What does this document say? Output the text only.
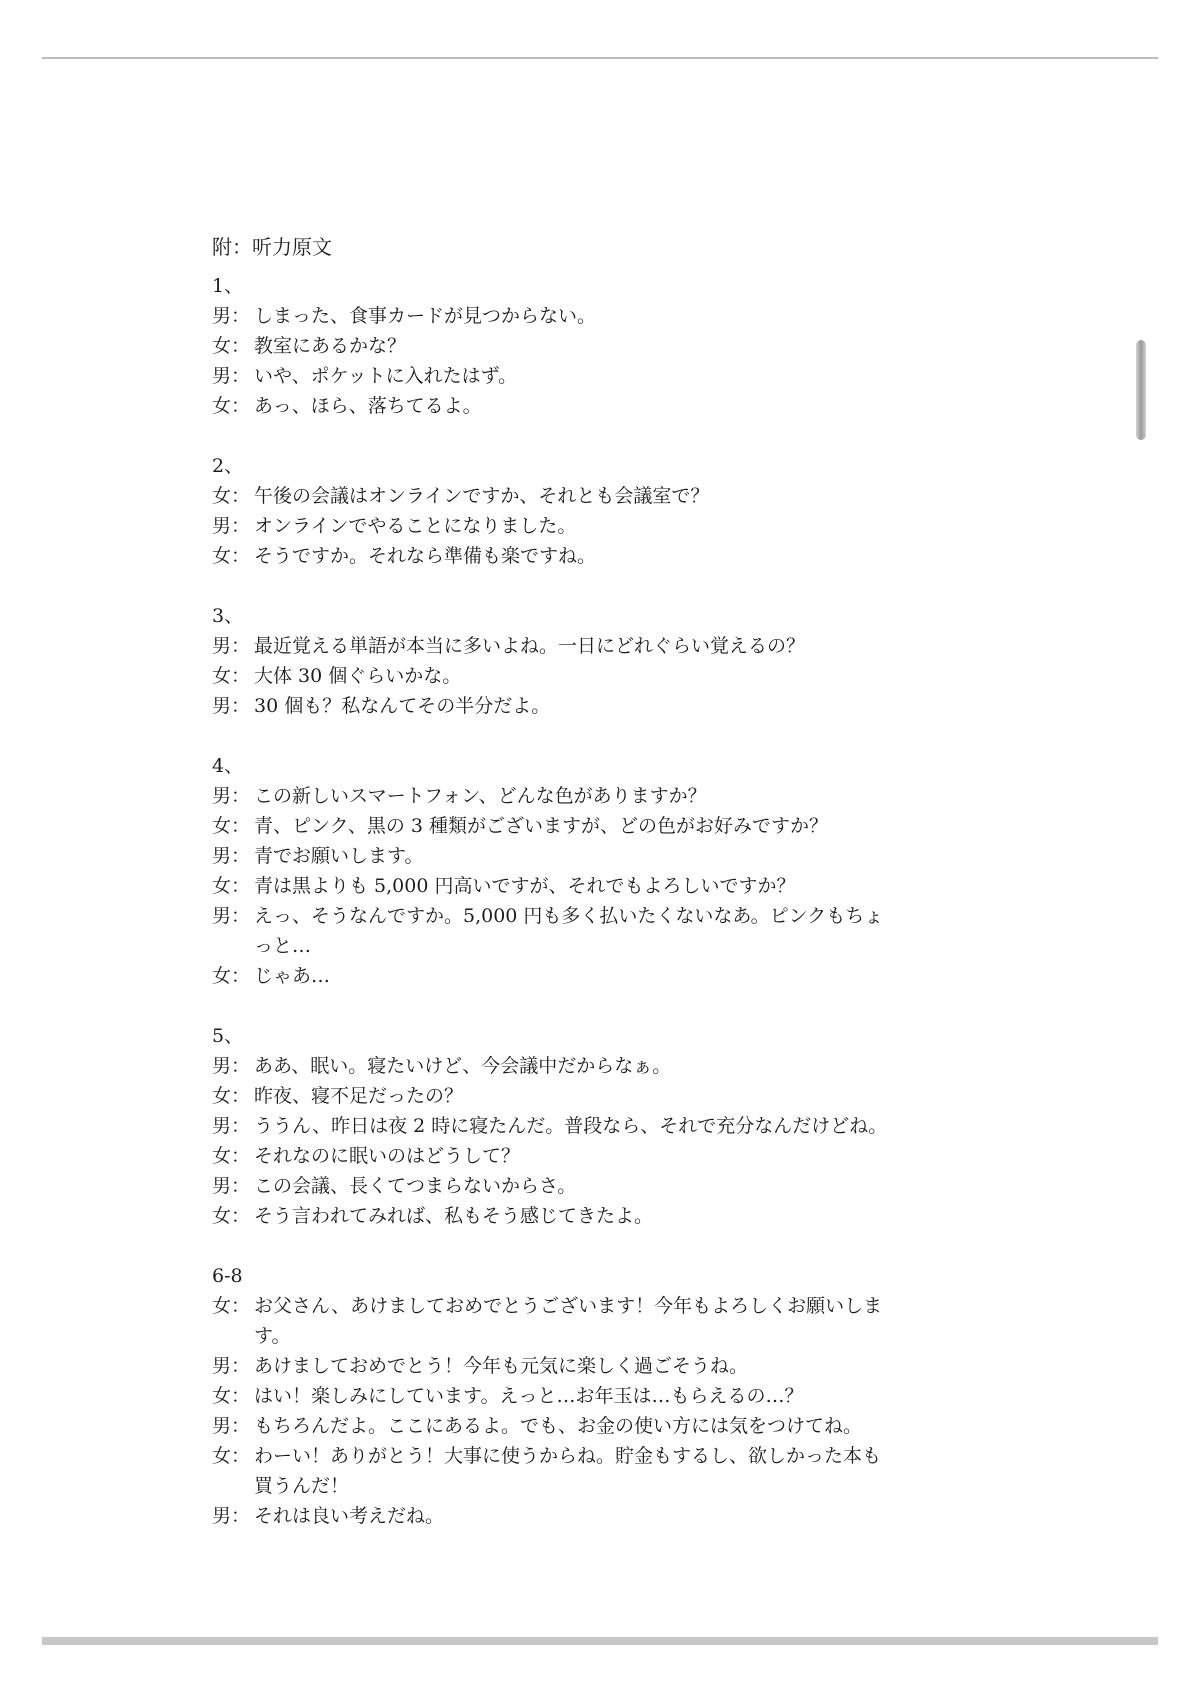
附：听力原文
1、
男： しまった、食事カードが見つからない。
女： 教室にあるかな？
男： いや、ポケットに入れたはず。
女： あっ、ほら、落ちてるよ。
2、
女： 午後の会議はオンラインですか、それとも会議室で？
男： オンラインでやることになりました。
女： そうですか。それなら準備も楽ですね。
3、
男： 最近覚える単語が本当に多いよね。一日にどれぐらい覚えるの？
女： 大体 30 個ぐらいかな。
男： 30 個も？私なんてその半分だよ。
4、
男： この新しいスマートフォン、どんな色がありますか？
女： 青、ピンク、黒の 3 種類がございますが、どの色がお好みですか？
男： 青でお願いします。
女： 青は黒よりも 5,000 円高いですが、それでもよろしいですか？
男： えっ、そうなんですか。5,000 円も多く払いたくないなあ。ピンクもちょ
っと…
女： じゃあ…
5、
男： ああ、眠い。寝たいけど、今会議中だからなぁ。
女： 昨夜、寝不足だったの？
男： ううん、昨日は夜 2 時に寝たんだ。普段なら、それで充分なんだけどね。
女： それなのに眠いのはどうして？
男： この会議、長くてつまらないからさ。
女： そう言われてみれば、私もそう感じてきたよ。
6-8
女： お父さん、あけましておめでとうございます！今年もよろしくお願いしま
す。
男： あけましておめでとう！今年も元気に楽しく過ごそうね。
女： はい！楽しみにしています。えっと…お年玉は…もらえるの…？
男： もちろんだよ。ここにあるよ。でも、お金の使い方には気をつけてね。
女： わーい！ありがとう！大事に使うからね。貯金もするし、欲しかった本も
買うんだ！
男： それは良い考えだね。
